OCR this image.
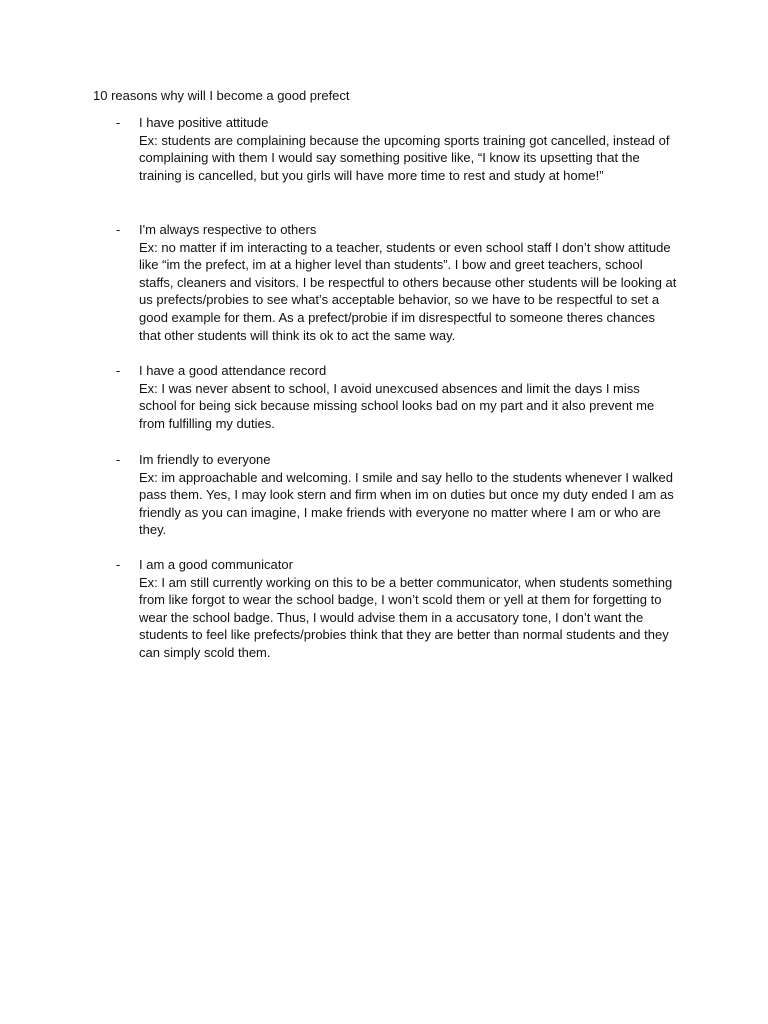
10 reasons why will I become a good prefect
- I have positive attitude
Ex: students are complaining because the upcoming sports training got cancelled, instead of complaining with them I would say something positive like, “I know its upsetting that the training is cancelled, but you girls will have more time to rest and study at home!”
- I'm always respective to others
Ex: no matter if im interacting to a teacher, students or even school staff I don’t show attitude like “im the prefect, im at a higher level than students”. I bow and greet teachers, school staffs, cleaners and visitors. I be respectful to others because other students will be looking at us prefects/probies to see what’s acceptable behavior, so we have to be respectful to set a good example for them. As a prefect/probie if im disrespectful to someone theres chances that other students will think its ok to act the same way.
- I have a good attendance record
Ex: I was never absent to school, I avoid unexcused absences and limit the days I miss school for being sick because missing school looks bad on my part and it also prevent me from fulfilling my duties.
- Im friendly to everyone
Ex: im approachable and welcoming. I smile and say hello to the students whenever I walked pass them. Yes, I may look stern and firm when im on duties but once my duty ended I am as friendly as you can imagine, I make friends with everyone no matter where I am or who are they.
- I am a good communicator
Ex: I am still currently working on this to be a better communicator, when students something from like forgot to wear the school badge, I won’t scold them or yell at them for forgetting to wear the school badge. Thus, I would advise them in a accusatory tone, I don’t want the students to feel like prefects/probies think that they are better than normal students and they can simply scold them.
